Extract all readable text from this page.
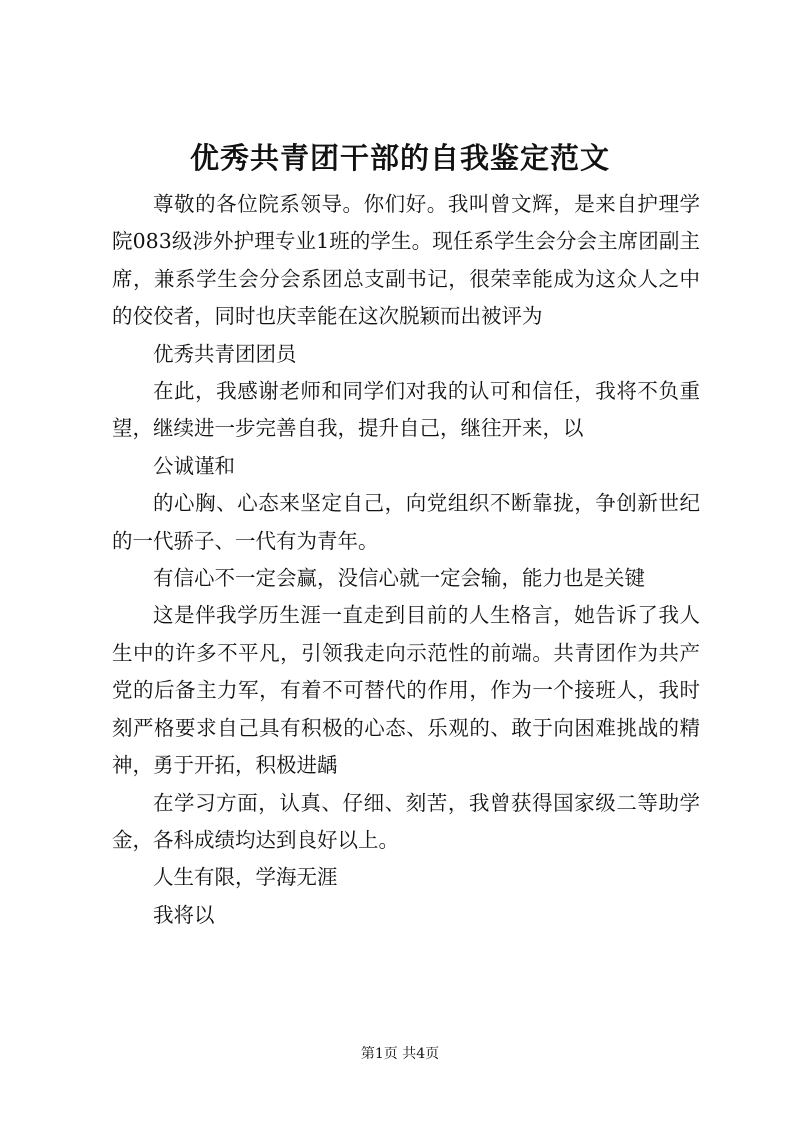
优秀共青团干部的自我鉴定范文

尊敬的各位院系领导。你们好。我叫曾文辉，是来自护理学院083级涉外护理专业1班的学生。现任系学生会分会主席团副主席，兼系学生会分会系团总支副书记，很荣幸能成为这众人之中的佼佼者，同时也庆幸能在这次脱颖而出被评为

优秀共青团团员

在此，我感谢老师和同学们对我的认可和信任，我将不负重望，继续进一步完善自我，提升自己，继往开来，以

公诚谨和

的心胸、心态来坚定自己，向党组织不断靠拢，争创新世纪的一代骄子、一代有为青年。

有信心不一定会赢，没信心就一定会输，能力也是关键

这是伴我学历生涯一直走到目前的人生格言，她告诉了我人生中的许多不平凡，引领我走向示范性的前端。共青团作为共产党的后备主力军，有着不可替代的作用，作为一个接班人，我时刻严格要求自己具有积极的心态、乐观的、敢于向困难挑战的精神，勇于开拓，积极进龋

在学习方面，认真、仔细、刻苦，我曾获得国家级二等助学金，各科成绩均达到良好以上。

人生有限，学海无涯

我将以

第1页 共4页
